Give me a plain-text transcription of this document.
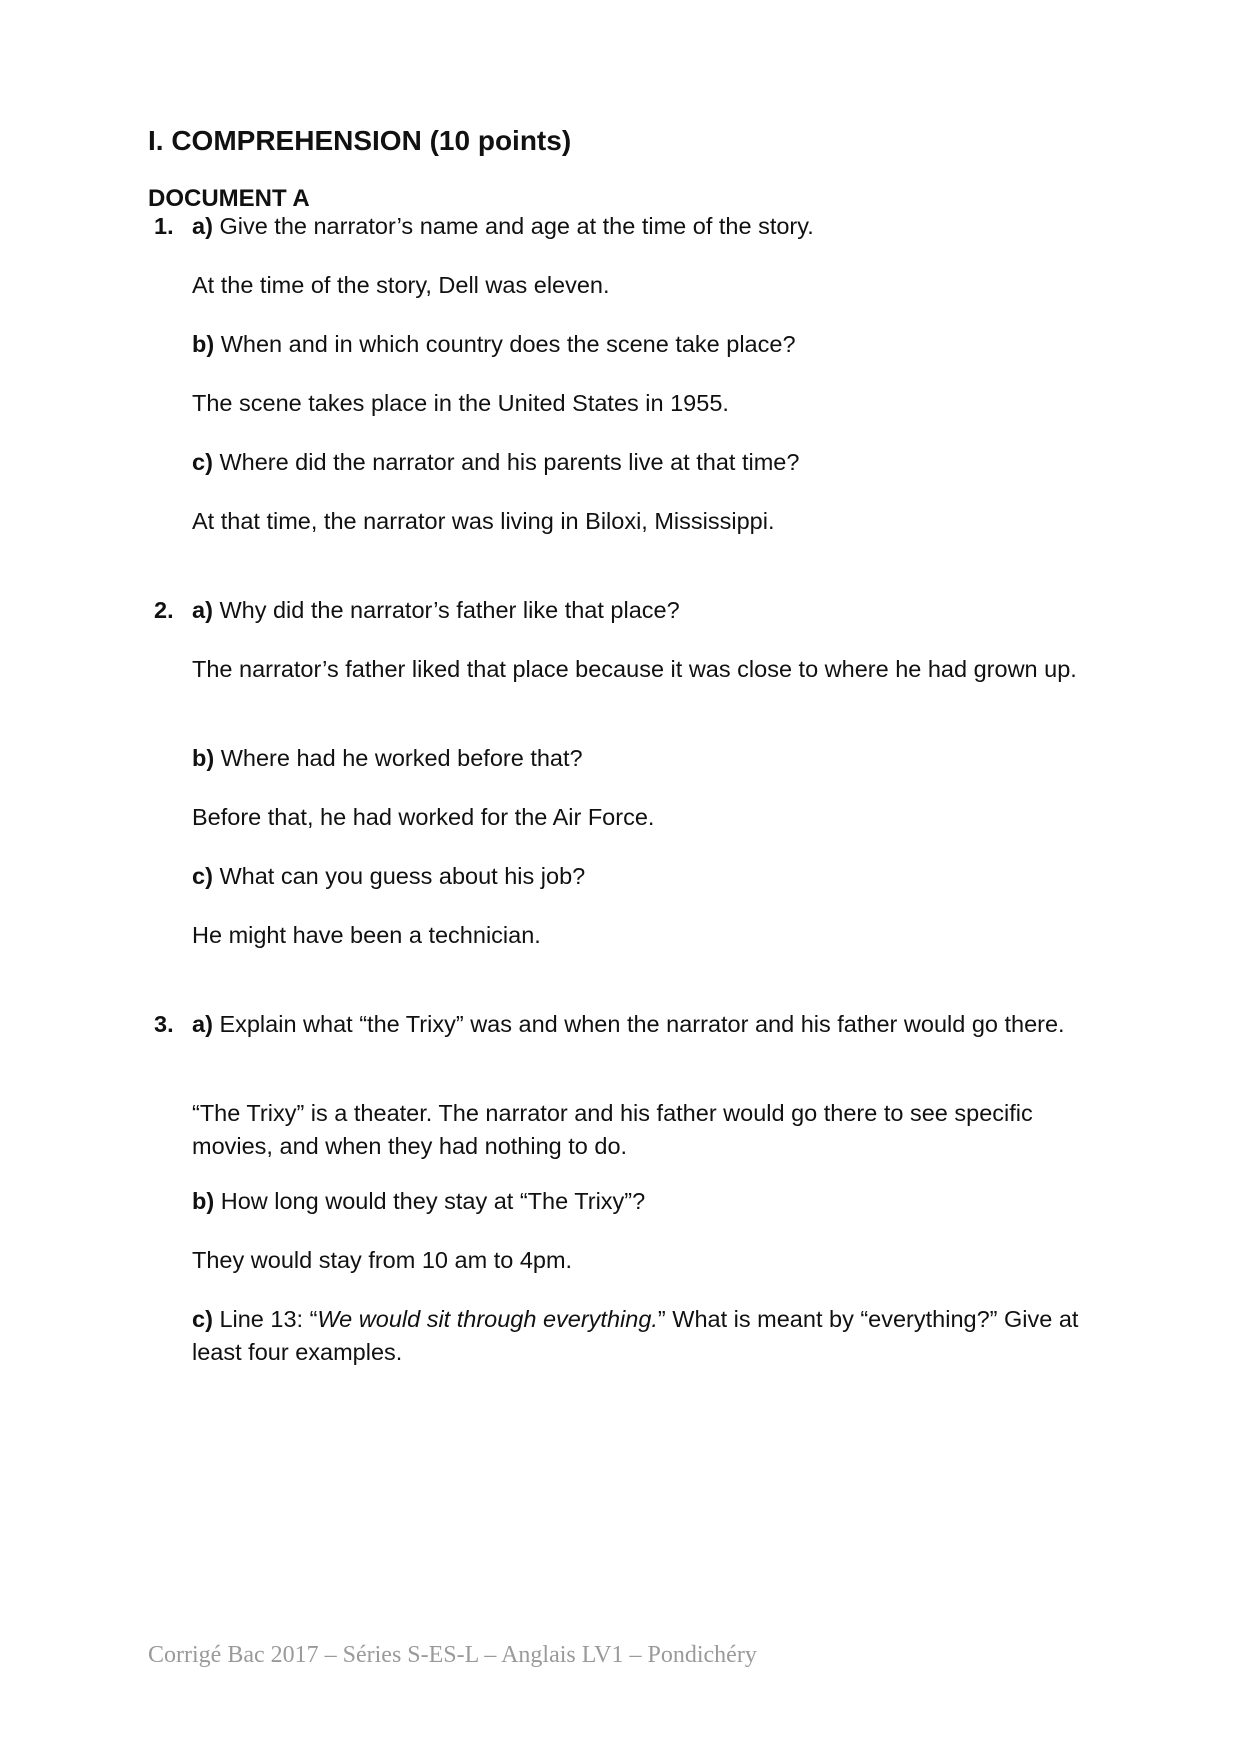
I. COMPREHENSION (10 points)
DOCUMENT A
1. a) Give the narrator’s name and age at the time of the story.

At the time of the story, Dell was eleven.

b) When and in which country does the scene take place?

The scene takes place in the United States in 1955.

c) Where did the narrator and his parents live at that time?

At that time, the narrator was living in Biloxi, Mississippi.

2. a) Why did the narrator’s father like that place?

The narrator’s father liked that place because it was close to where he had grown up.

b) Where had he worked before that?

Before that, he had worked for the Air Force.

c) What can you guess about his job?

He might have been a technician.

3. a) Explain what “the Trixy” was and when the narrator and his father would go there.

“The Trixy” is a theater. The narrator and his father would go there to see specific movies, and when they had nothing to do.

b) How long would they stay at “The Trixy”?

They would stay from 10 am to 4pm.

c) Line 13: “We would sit through everything.” What is meant by “everything?” Give at least four examples.

Corrigé Bac 2017 – Séries S-ES-L – Anglais LV1 – Pondichéry
